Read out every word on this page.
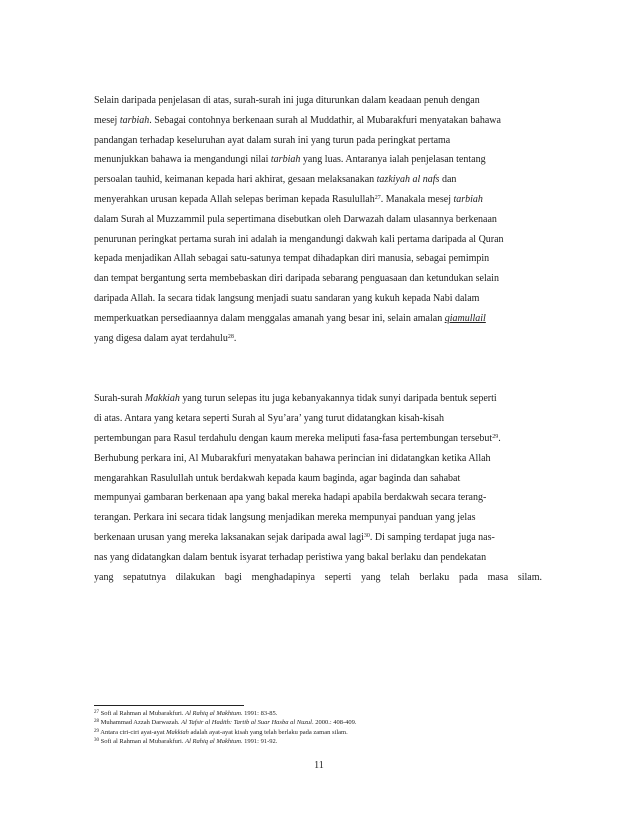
Selain daripada penjelasan di atas, surah-surah ini juga diturunkan dalam keadaan penuh dengan

mesej tarbiah. Sebagai contohnya berkenaan surah al Muddathir, al Mubarakfuri menyatakan bahawa

pandangan terhadap keseluruhan ayat dalam surah ini yang turun pada peringkat pertama

menunjukkan bahawa ia mengandungi nilai tarbiah yang luas. Antaranya ialah penjelasan tentang

persoalan tauhid, keimanan kepada hari akhirat, gesaan melaksanakan tazkiyah al nafs dan

menyerahkan urusan kepada Allah selepas beriman kepada Rasulullah$^{27}$. Manakala mesej tarbiah

dalam Surah al Muzzammil pula sepertimana disebutkan oleh Darwazah dalam ulasannya berkenaan

penurunan peringkat pertama surah ini adalah ia mengandungi dakwah kali pertama daripada al Quran

kepada menjadikan Allah sebagai satu-satunya tempat dihadapkan diri manusia, sebagai pemimpin

dan tempat bergantung serta membebaskan diri daripada sebarang penguasaan dan ketundukan selain

daripada Allah. Ia secara tidak langsung menjadi suatu sandaran yang kukuh kepada Nabi dalam

memperkuatkan persediaannya dalam menggalas amanah yang besar ini, selain amalan qiamullail

yang digesa dalam ayat terdahulu$^{28}$.

Surah-surah Makkiah yang turun selepas itu juga kebanyakannya tidak sunyi daripada bentuk seperti

di atas. Antara yang ketara seperti Surah al Syu’ara’ yang turut didatangkan kisah-kisah

pertembungan para Rasul terdahulu dengan kaum mereka meliputi fasa-fasa pertembungan tersebut$^{29}$.

Berhubung perkara ini, Al Mubarakfuri menyatakan bahawa perincian ini didatangkan ketika Allah

mengarahkan Rasulullah untuk berdakwah kepada kaum baginda, agar baginda dan sahabat

mempunyai gambaran berkenaan apa yang bakal mereka hadapi apabila berdakwah secara terang-

terangan. Perkara ini secara tidak langsung menjadikan mereka mempunyai panduan yang jelas

berkenaan urusan yang mereka laksanakan sejak daripada awal lagi$^{30}$. Di samping terdapat juga nas-

nas yang didatangkan dalam bentuk isyarat terhadap peristiwa yang bakal berlaku dan pendekatan

yang sepatutnya dilakukan bagi menghadapinya seperti yang telah berlaku pada masa silam.

$^{27}$ Sofi al Rahman al Mubarakfuri. Al Rahiq al Makhtum. 1991: 83-85.
$^{28}$ Muhammad Azzah Darwazah. Al Tafsir al Hadith: Tartib al Suar Hasba al Nuzul. 2000.: 408-409.
$^{29}$ Antara ciri-ciri ayat-ayat Makkiah adalah ayat-ayat kisah yang telah berlaku pada zaman silam.
$^{30}$ Sofi al Rahman al Mubarakfuri. Al Rahiq al Makhtum. 1991: 91-92.
11
